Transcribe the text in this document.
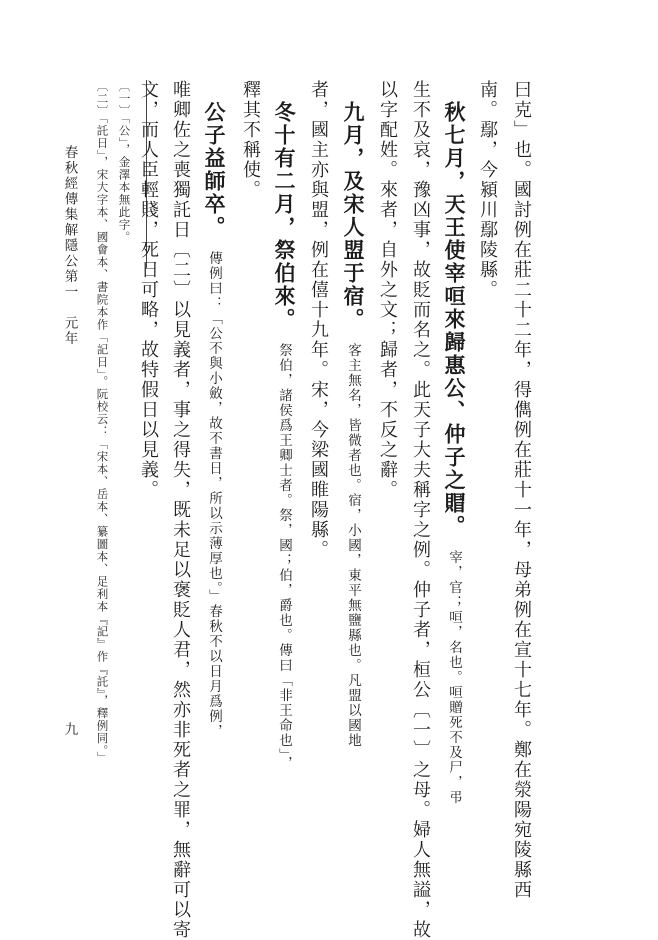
春秋經傳集解隱公第一　元年
九
〔一〕「公」，金澤本無此字。
〔二〕「託日」，宋大字本、國會本、書院本作「記日」。阮校云：「宋本、岳本、纂圖本、足利本『記』作『託』，釋例同。」	曰克」也。國討例在莊二十二年，得儁例在莊十一年，母弟例在宣十七年。鄭在滎陽宛陵縣西
南。鄢，今潁川鄢陵縣。
秋七月，天王使宰咺來歸惠公、仲子之賵。宰，官；咺，名也。咺贈死不及尸，弔
生不及哀，豫凶事，故貶而名之。此天子大夫稱字之例。仲子者，桓公〔一〕之母。婦人無謚，故
以字配姓。來者，自外之文；歸者，不反之辭。
九月，及宋人盟于宿。客主無名，皆微者也。宿，小國，東平無鹽縣也。凡盟以國地
者，國主亦與盟，例在僖十九年。宋，今梁國睢陽縣。
冬十有二月，祭伯來。祭伯，諸侯爲王卿士者。祭，國；伯，爵也。傳曰「非王命也」，
釋其不稱使。
公子益師卒。傳例曰：「公不與小斂，故不書日，所以示薄厚也。」春秋不以日月爲例，
唯卿佐之喪獨託日〔二〕以見義者，事之得失，既未足以褒貶人君，然亦非死者之罪，無辭可以寄
文，而人臣輕賤，死日可略，故特假日以見義。
